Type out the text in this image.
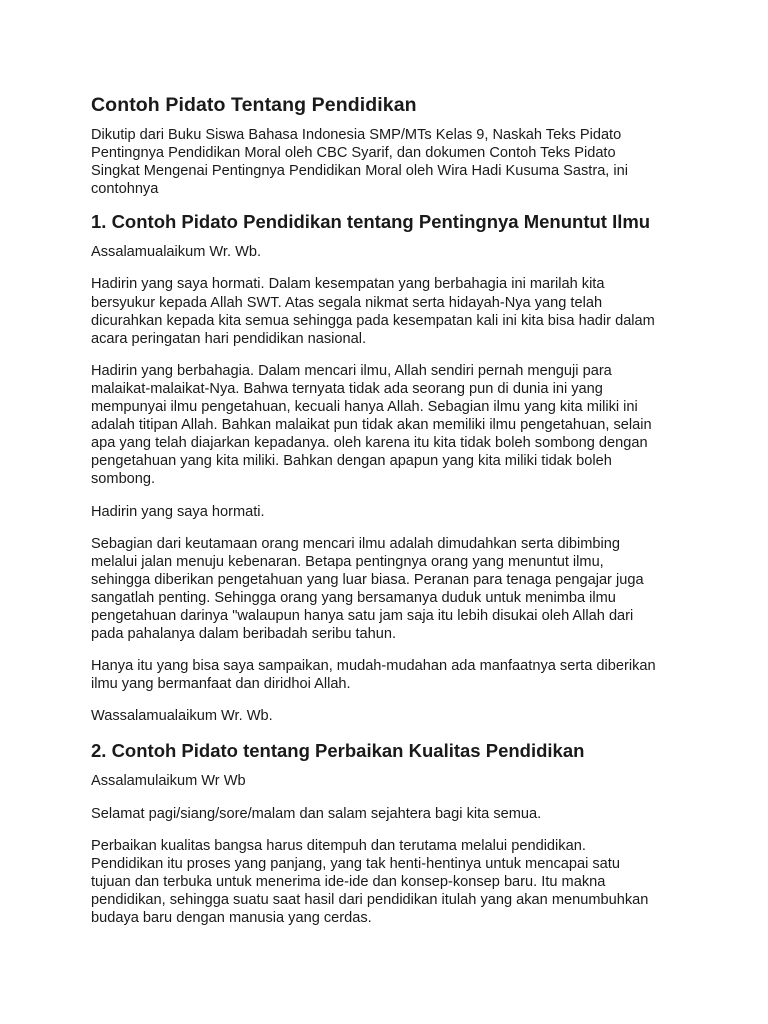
Contoh Pidato Tentang Pendidikan

Dikutip dari Buku Siswa Bahasa Indonesia SMP/MTs Kelas 9, Naskah Teks Pidato
Pentingnya Pendidikan Moral oleh CBC Syarif, dan dokumen Contoh Teks Pidato
Singkat Mengenai Pentingnya Pendidikan Moral oleh Wira Hadi Kusuma Sastra, ini
contohnya

1. Contoh Pidato Pendidikan tentang Pentingnya Menuntut Ilmu

Assalamualaikum Wr. Wb.

Hadirin yang saya hormati. Dalam kesempatan yang berbahagia ini marilah kita
bersyukur kepada Allah SWT. Atas segala nikmat serta hidayah-Nya yang telah
dicurahkan kepada kita semua sehingga pada kesempatan kali ini kita bisa hadir dalam
acara peringatan hari pendidikan nasional.

Hadirin yang berbahagia. Dalam mencari ilmu, Allah sendiri pernah menguji para
malaikat-malaikat-Nya. Bahwa ternyata tidak ada seorang pun di dunia ini yang
mempunyai ilmu pengetahuan, kecuali hanya Allah. Sebagian ilmu yang kita miliki ini
adalah titipan Allah. Bahkan malaikat pun tidak akan memiliki ilmu pengetahuan, selain
apa yang telah diajarkan kepadanya. oleh karena itu kita tidak boleh sombong dengan
pengetahuan yang kita miliki. Bahkan dengan apapun yang kita miliki tidak boleh
sombong.

Hadirin yang saya hormati.

Sebagian dari keutamaan orang mencari ilmu adalah dimudahkan serta dibimbing
melalui jalan menuju kebenaran. Betapa pentingnya orang yang menuntut ilmu,
sehingga diberikan pengetahuan yang luar biasa. Peranan para tenaga pengajar juga
sangatlah penting. Sehingga orang yang bersamanya duduk untuk menimba ilmu
pengetahuan darinya "walaupun hanya satu jam saja itu lebih disukai oleh Allah dari
pada pahalanya dalam beribadah seribu tahun.

Hanya itu yang bisa saya sampaikan, mudah-mudahan ada manfaatnya serta diberikan
ilmu yang bermanfaat dan diridhoi Allah.

Wassalamualaikum Wr. Wb.

2. Contoh Pidato tentang Perbaikan Kualitas Pendidikan

Assalamulaikum Wr Wb

Selamat pagi/siang/sore/malam dan salam sejahtera bagi kita semua.

Perbaikan kualitas bangsa harus ditempuh dan terutama melalui pendidikan.
Pendidikan itu proses yang panjang, yang tak henti-hentinya untuk mencapai satu
tujuan dan terbuka untuk menerima ide-ide dan konsep-konsep baru. Itu makna
pendidikan, sehingga suatu saat hasil dari pendidikan itulah yang akan menumbuhkan
budaya baru dengan manusia yang cerdas.
